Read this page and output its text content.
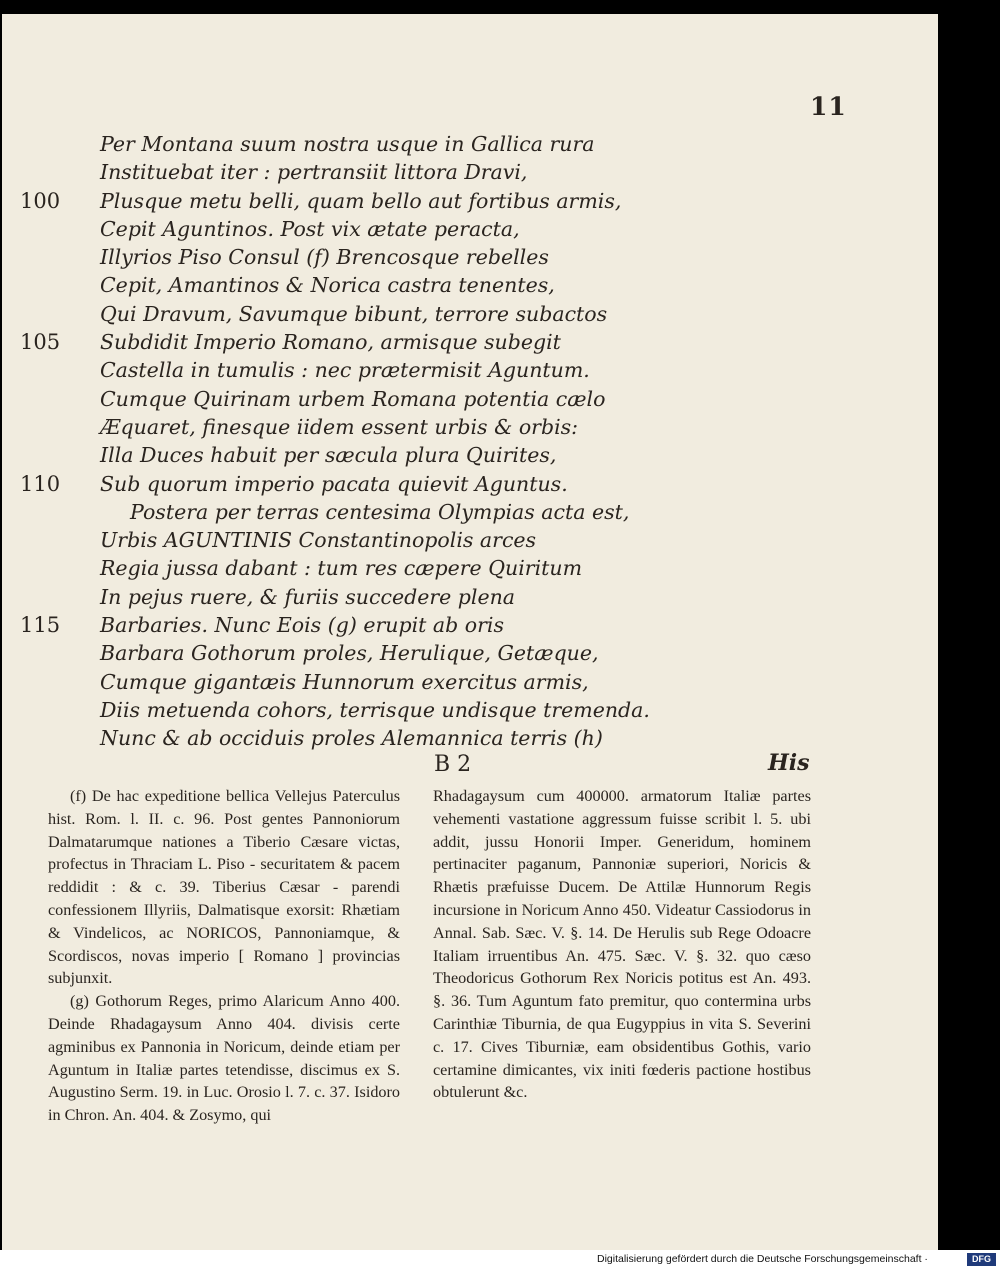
11
Per Montana suum nostra usque in Gallica rura
Instituebat iter : pertransiit littora Dravi,
100	Plusque metu belli, quam bello aut fortibus armis,
Cepit Aguntinos. Post vix ætate peracta,
Illyrios Piso Consul (f) Brencosque rebelles
Cepit, Amantinos & Norica castra tenentes,
Qui Dravum, Savumque bibunt, terrore subactos
105	Subdidit Imperio Romano, armisque subegit
Castella in tumulis : nec prætermisit Aguntum.
Cumque Quirinam urbem Romana potentia cælo
Æquaret, finesque iidem essent urbis & orbis:
Illa Duces habuit per sæcula plura Quirites,
110	Sub quorum imperio pacata quievit Aguntus.
Postera per terras centesima Olympias acta est,
Urbis AGUNTINIS Constantinopolis arces
Regia jussa dabant : tum res cæpere Quiritum
In pejus ruere, & furiis succedere plena
115	Barbaries. Nunc Eois (g) erupit ab oris
Barbara Gothorum proles, Herulique, Getæque,
Cumque gigantæis Hunnorum exercitus armis,
Diis metuenda cohors, terrisque undisque tremenda.
Nunc & ab occiduis proles Alemannica terris (h)
B 2	His

(f) De hac expeditione bellica Vellejus Paterculus hist. Rom. l. II. c. 96. Post gentes Pannoniorum Dalmatarumque nationes a Tiberio Cæsare victas, profectus in Thraciam L. Piso - securitatem & pacem reddidit : & c. 39. Tiberius Cæsar - parendi confessionem Illyriis, Dalmatisque exorsit: Rhætiam & Vindelicos, ac NORICOS, Pannoniamque, & Scordiscos, novas imperio [ Romano ] provincias subjunxit.

(g) Gothorum Reges, primo Alaricum Anno 400. Deinde Rhadagaysum Anno 404. divisis certe agminibus ex Pannonia in Noricum, deinde etiam per Aguntum in Italiæ partes tetendisse, discimus ex S. Augustino Serm. 19. in Luc. Orosio l. 7. c. 37. Isidoro in Chron. An. 404. & Zosymo, qui

Rhadagaysum cum 400000. armatorum Italiæ partes vehementi vastatione aggressum fuisse scribit l. 5. ubi addit, jussu Honorii Imper. Generidum, hominem pertinaciter paganum, Pannoniæ superiori, Noricis & Rhætis præfuisse Ducem. De Attilæ Hunnorum Regis incursione in Noricum Anno 450. Videatur Cassiodorus in Annal. Sab. Sæc. V. §. 14. De Herulis sub Rege Odoacre Italiam irruentibus An. 475. Sæc. V. §. 32. quo cæso Theodoricus Gothorum Rex Noricis potitus est An. 493. §. 36. Tum Aguntum fato premitur, quo contermina urbs Carinthiæ Tiburnia, de qua Eugyppius in vita S. Severini c. 17. Cives Tiburniæ, eam obsidentibus Gothis, vario certamine dimicantes, vix initi fœderis pactione hostibus obtulerunt &c.

Digitalisierung gefördert durch die Deutsche Forschungsgemeinschaft ·	DFG
